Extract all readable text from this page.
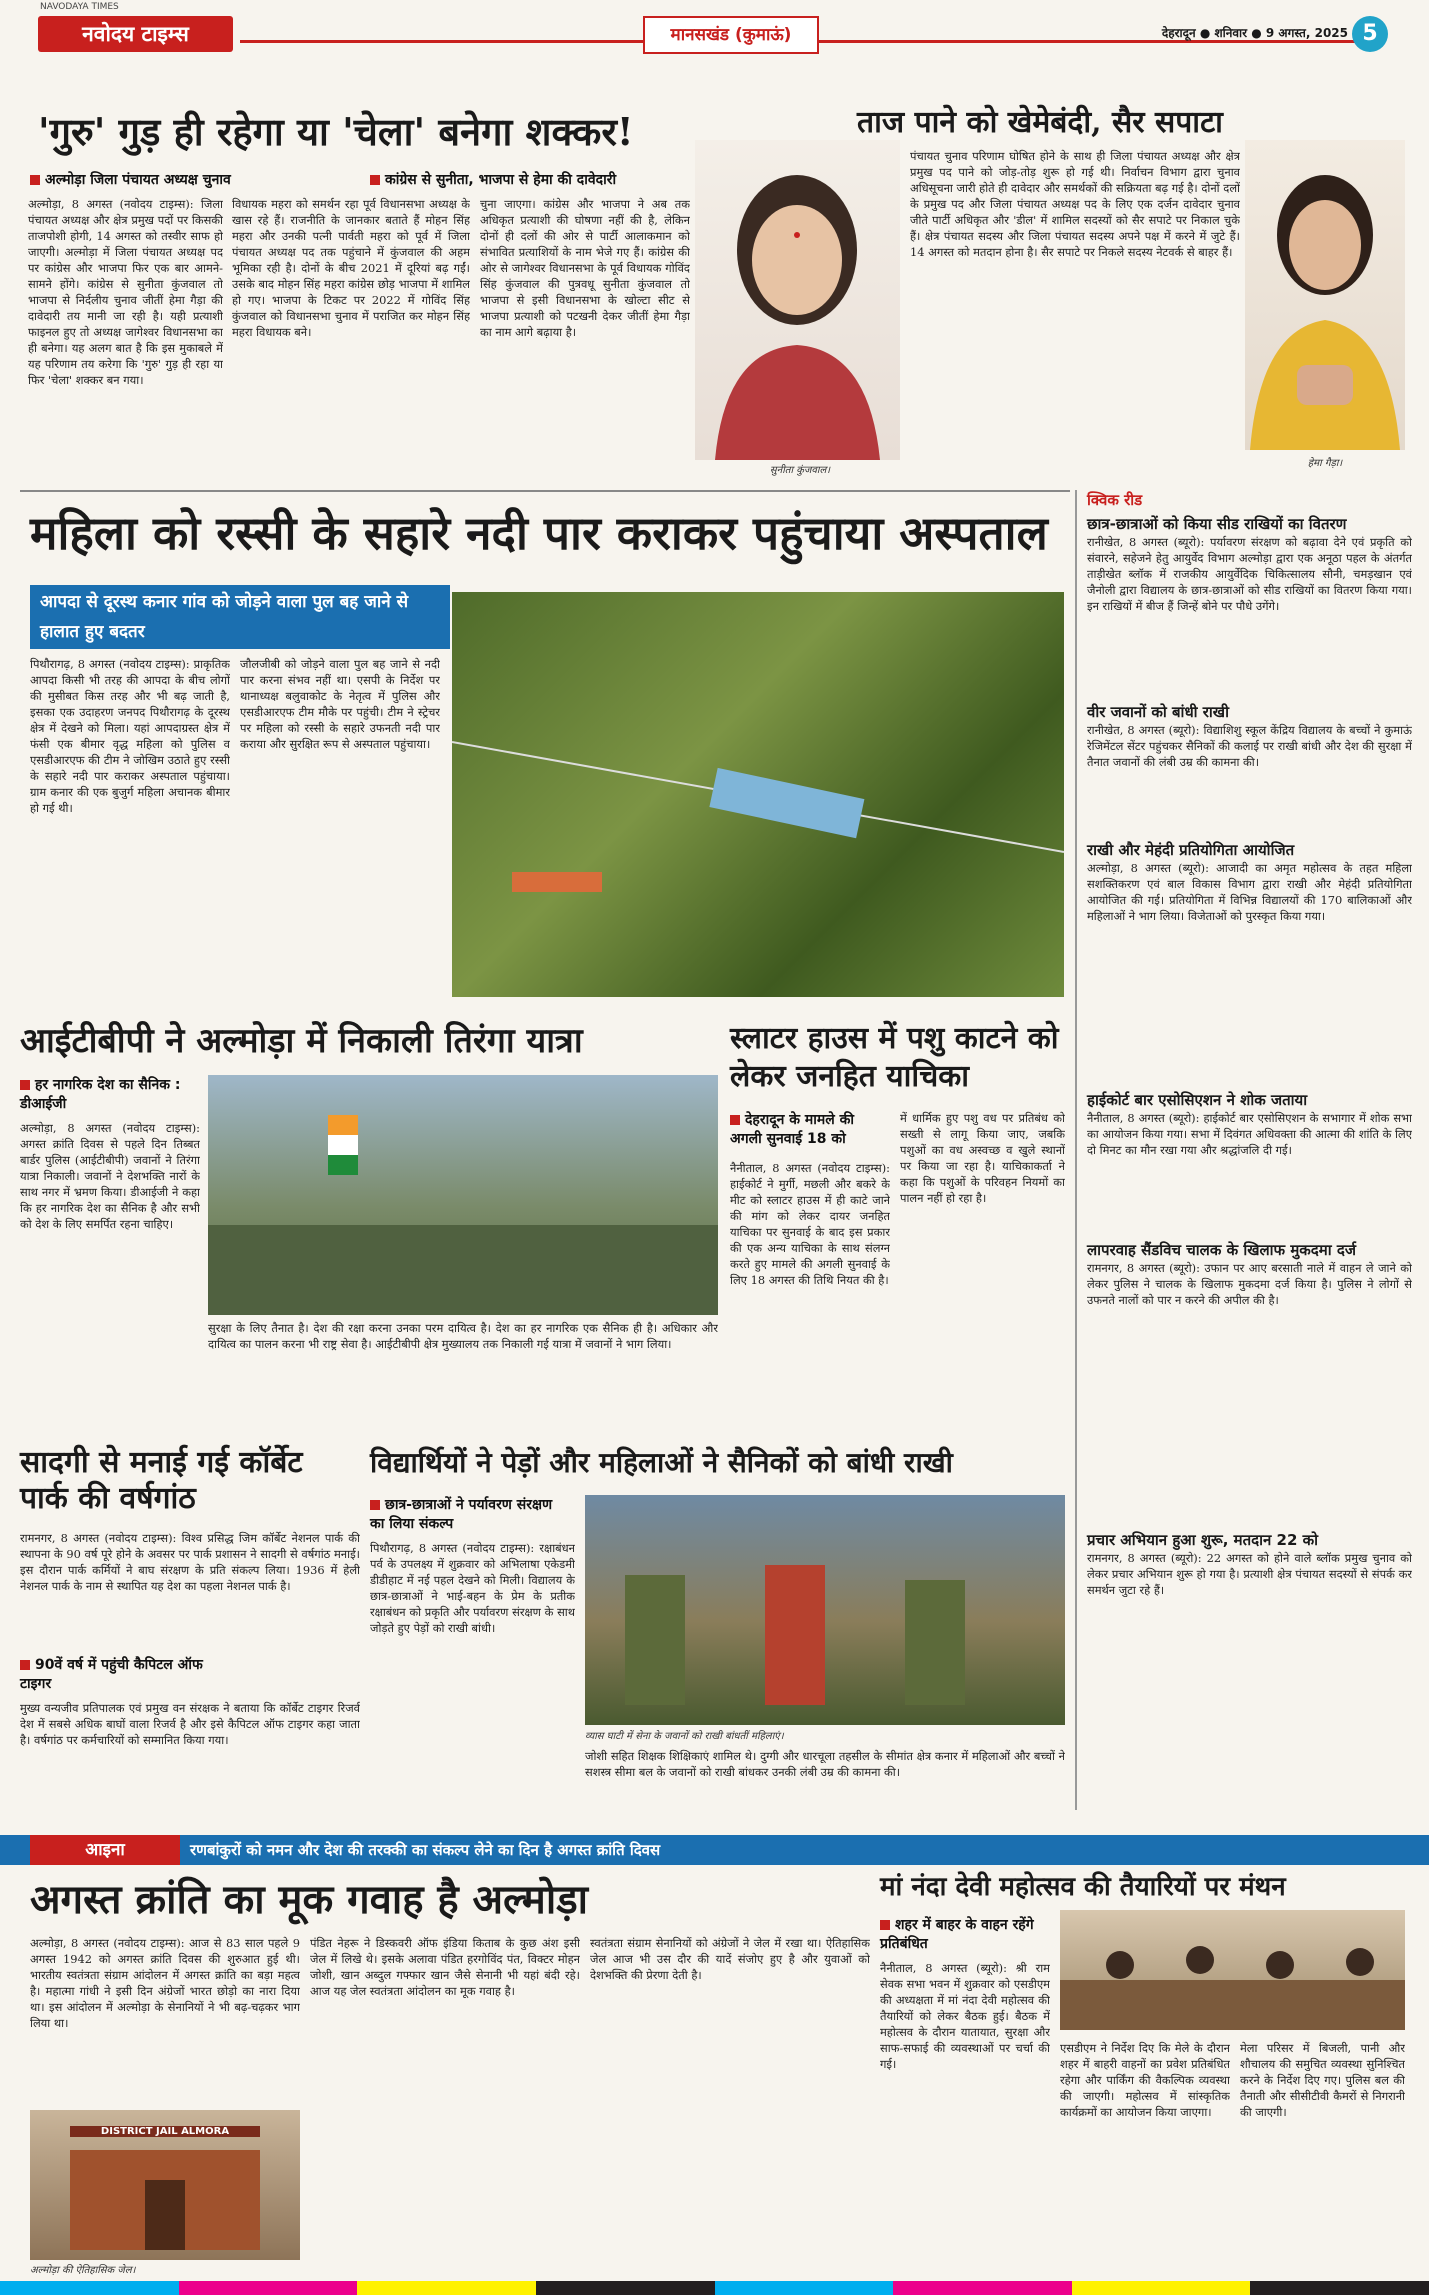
NAVODAYA TIMES
नवोदय टाइम्स	मानसखंड (कुमाऊं)	देहरादून ● शनिवार ● 9 अगस्त, 2025 5
'गुरु' गुड़ ही रहेगा या 'चेला' बनेगा शक्कर!
अल्मोड़ा जिला पंचायत अध्यक्ष चुनाव	कांग्रेस से सुनीता, भाजपा से हेमा की दावेदारी
अल्मोड़ा, 8 अगस्त (नवोदय टाइम्स): जिला पंचायत अध्यक्ष और क्षेत्र प्रमुख पदों पर किसकी ताजपोशी होगी, 14 अगस्त को तस्वीर साफ हो जाएगी। अल्मोड़ा में जिला पंचायत अध्यक्ष पद पर कांग्रेस और भाजपा फिर एक बार आमने-सामने होंगे। कांग्रेस से सुनीता कुंजवाल तो भाजपा से निर्दलीय चुनाव जीतीं हेमा गैड़ा की दावेदारी तय मानी जा रही है। यही प्रत्याशी फाइनल हुए तो अध्यक्ष जागेश्वर विधानसभा का ही बनेगा। यह अलग बात है कि इस मुकाबले में यह परिणाम तय करेगा कि 'गुरु' गुड़ ही रहा या फिर 'चेला' शक्कर बन गया।
विधायक महरा को समर्थन रहा पूर्व विधानसभा अध्यक्ष के खास रहे हैं। राजनीति के जानकार बताते हैं मोहन सिंह महरा और उनकी पत्नी पार्वती महरा को पूर्व में जिला पंचायत अध्यक्ष पद तक पहुंचाने में कुंजवाल की अहम भूमिका रही है। दोनों के बीच 2021 में दूरियां बढ़ गईं। उसके बाद मोहन सिंह महरा कांग्रेस छोड़ भाजपा में शामिल हो गए। भाजपा के टिकट पर 2022 में गोविंद सिंह कुंजवाल को विधानसभा चुनाव में पराजित कर मोहन सिंह महरा विधायक बने।
चुना जाएगा। कांग्रेस और भाजपा ने अब तक अधिकृत प्रत्याशी की घोषणा नहीं की है, लेकिन दोनों ही दलों की ओर से पार्टी आलाकमान को संभावित प्रत्याशियों के नाम भेजे गए हैं। कांग्रेस की ओर से जागेश्वर विधानसभा के पूर्व विधायक गोविंद सिंह कुंजवाल की पुत्रवधू सुनीता कुंजवाल तो भाजपा से इसी विधानसभा के खोल्टा सीट से भाजपा प्रत्याशी को पटखनी देकर जीतीं हेमा गैड़ा का नाम आगे बढ़ाया है।
सुनीता कुंजवाल।
ताज पाने को खेमेबंदी, सैर सपाटा
पंचायत चुनाव परिणाम घोषित होने के साथ ही जिला पंचायत अध्यक्ष और क्षेत्र प्रमुख पद पाने को जोड़-तोड़ शुरू हो गई थी। निर्वाचन विभाग द्वारा चुनाव अधिसूचना जारी होते ही दावेदार और समर्थकों की सक्रियता बढ़ गई है। दोनों दलों के प्रमुख पद और जिला पंचायत अध्यक्ष पद के लिए एक दर्जन दावेदार चुनाव जीते पार्टी अधिकृत और 'डील' में शामिल सदस्यों को सैर सपाटे पर निकाल चुके हैं। क्षेत्र पंचायत सदस्य और जिला पंचायत सदस्य अपने पक्ष में करने में जुटे हैं। 14 अगस्त को मतदान होना है। सैर सपाटे पर निकले सदस्य नेटवर्क से बाहर हैं।
हेमा गैड़ा।
महिला को रस्सी के सहारे नदी पार कराकर पहुंचाया अस्पताल
आपदा से दूरस्थ कनार गांव को जोड़ने वाला पुल बह जाने से हालात हुए बदतर
पिथौरागढ़, 8 अगस्त (नवोदय टाइम्स): प्राकृतिक आपदा किसी भी तरह की आपदा के बीच लोगों की मुसीबत किस तरह और भी बढ़ जाती है, इसका एक उदाहरण जनपद पिथौरागढ़ के दूरस्थ क्षेत्र में देखने को मिला। यहां आपदाग्रस्त क्षेत्र में फंसी एक बीमार वृद्ध महिला को पुलिस व एसडीआरएफ की टीम ने जोखिम उठाते हुए रस्सी के सहारे नदी पार कराकर अस्पताल पहुंचाया। ग्राम कनार की एक बुजुर्ग महिला अचानक बीमार हो गई थी।
जौलजीबी को जोड़ने वाला पुल बह जाने से नदी पार करना संभव नहीं था। एसपी के निर्देश पर थानाध्यक्ष बलुवाकोट के नेतृत्व में पुलिस और एसडीआरएफ टीम मौके पर पहुंची। टीम ने स्ट्रेचर पर महिला को रस्सी के सहारे उफनती नदी पार कराया और सुरक्षित रूप से अस्पताल पहुंचाया।
क्विक रीड
छात्र-छात्राओं को किया सीड राखियों का वितरण
रानीखेत, 8 अगस्त (ब्यूरो): पर्यावरण संरक्षण को बढ़ावा देने एवं प्रकृति को संवारने, सहेजने हेतु आयुर्वेद विभाग अल्मोड़ा द्वारा एक अनूठा पहल के अंतर्गत ताड़ीखेत ब्लॉक में राजकीय आयुर्वेदिक चिकित्सालय सौनी, चमड़खान एवं जैनोली द्वारा विद्यालय के छात्र-छात्राओं को सीड राखियों का वितरण किया गया। इन राखियों में बीज हैं जिन्हें बोने पर पौधे उगेंगे।
वीर जवानों को बांधी राखी
रानीखेत, 8 अगस्त (ब्यूरो): विद्याशिशु स्कूल केंद्रिय विद्यालय के बच्चों ने कुमाऊं रेजिमेंटल सेंटर पहुंचकर सैनिकों की कलाई पर राखी बांधी और देश की सुरक्षा में तैनात जवानों की लंबी उम्र की कामना की।
राखी और मेहंदी प्रतियोगिता आयोजित
अल्मोड़ा, 8 अगस्त (ब्यूरो): आजादी का अमृत महोत्सव के तहत महिला सशक्तिकरण एवं बाल विकास विभाग द्वारा राखी और मेहंदी प्रतियोगिता आयोजित की गई। प्रतियोगिता में विभिन्न विद्यालयों की 170 बालिकाओं और महिलाओं ने भाग लिया। विजेताओं को पुरस्कृत किया गया।
हाईकोर्ट बार एसोसिएशन ने शोक जताया
नैनीताल, 8 अगस्त (ब्यूरो): हाईकोर्ट बार एसोसिएशन के सभागार में शोक सभा का आयोजन किया गया। सभा में दिवंगत अधिवक्ता की आत्मा की शांति के लिए दो मिनट का मौन रखा गया और श्रद्धांजलि दी गई।
लापरवाह सैंडविच चालक के खिलाफ मुकदमा दर्ज
रामनगर, 8 अगस्त (ब्यूरो): उफान पर आए बरसाती नाले में वाहन ले जाने को लेकर पुलिस ने चालक के खिलाफ मुकदमा दर्ज किया है। पुलिस ने लोगों से उफनते नालों को पार न करने की अपील की है।
प्रचार अभियान हुआ शुरू, मतदान 22 को
रामनगर, 8 अगस्त (ब्यूरो): 22 अगस्त को होने वाले ब्लॉक प्रमुख चुनाव को लेकर प्रचार अभियान शुरू हो गया है। प्रत्याशी क्षेत्र पंचायत सदस्यों से संपर्क कर समर्थन जुटा रहे हैं।
आईटीबीपी ने अल्मोड़ा में निकाली तिरंगा यात्रा
हर नागरिक देश का सैनिक : डीआईजी
अल्मोड़ा, 8 अगस्त (नवोदय टाइम्स): अगस्त क्रांति दिवस से पहले दिन तिब्बत बार्डर पुलिस (आईटीबीपी) जवानों ने तिरंगा यात्रा निकाली। जवानों ने देशभक्ति नारों के साथ नगर में भ्रमण किया। डीआईजी ने कहा कि हर नागरिक देश का सैनिक है और सभी को देश के लिए समर्पित रहना चाहिए।
सुरक्षा के लिए तैनात है। देश की रक्षा करना उनका परम दायित्व है। देश का हर नागरिक एक सैनिक ही है। अधिकार और दायित्व का पालन करना भी राष्ट्र सेवा है। आईटीबीपी क्षेत्र मुख्यालय तक निकाली गई यात्रा में जवानों ने भाग लिया।
स्लाटर हाउस में पशु काटने को लेकर जनहित याचिका
देहरादून के मामले की अगली सुनवाई 18 को
नैनीताल, 8 अगस्त (नवोदय टाइम्स): हाईकोर्ट ने मुर्गी, मछली और बकरे के मीट को स्लाटर हाउस में ही काटे जाने की मांग को लेकर दायर जनहित याचिका पर सुनवाई के बाद इस प्रकार की एक अन्य याचिका के साथ संलग्न करते हुए मामले की अगली सुनवाई के लिए 18 अगस्त की तिथि नियत की है।
में धार्मिक हुए पशु वध पर प्रतिबंध को सख्ती से लागू किया जाए, जबकि पशुओं का वध अस्वच्छ व खुले स्थानों पर किया जा रहा है। याचिकाकर्ता ने कहा कि पशुओं के परिवहन नियमों का पालन नहीं हो रहा है।
सादगी से मनाई गई कॉर्बेट पार्क की वर्षगांठ
रामनगर, 8 अगस्त (नवोदय टाइम्स): विश्व प्रसिद्ध जिम कॉर्बेट नेशनल पार्क की स्थापना के 90 वर्ष पूरे होने के अवसर पर पार्क प्रशासन ने सादगी से वर्षगांठ मनाई। इस दौरान पार्क कर्मियों ने बाघ संरक्षण के प्रति संकल्प लिया। 1936 में हेली नेशनल पार्क के नाम से स्थापित यह देश का पहला नेशनल पार्क है।
90वें वर्ष में पहुंची कैपिटल ऑफ टाइगर
मुख्य वन्यजीव प्रतिपालक एवं प्रमुख वन संरक्षक ने बताया कि कॉर्बेट टाइगर रिजर्व देश में सबसे अधिक बाघों वाला रिजर्व है और इसे कैपिटल ऑफ टाइगर कहा जाता है। वर्षगांठ पर कर्मचारियों को सम्मानित किया गया।
विद्यार्थियों ने पेड़ों और महिलाओं ने सैनिकों को बांधी राखी
छात्र-छात्राओं ने पर्यावरण संरक्षण का लिया संकल्प
पिथौरागढ़, 8 अगस्त (नवोदय टाइम्स): रक्षाबंधन पर्व के उपलक्ष्य में शुक्रवार को अभिलाषा एकेडमी डीडीहाट में नई पहल देखने को मिली। विद्यालय के छात्र-छात्राओं ने भाई-बहन के प्रेम के प्रतीक रक्षाबंधन को प्रकृति और पर्यावरण संरक्षण के साथ जोड़ते हुए पेड़ों को राखी बांधी।
व्यास घाटी में सेना के जवानों को राखी बांधतीं महिलाएं।
जोशी सहित शिक्षक शिक्षिकाएं शामिल थे। दुग्गी और धारचूला तहसील के सीमांत क्षेत्र कनार में महिलाओं और बच्चों ने सशस्त्र सीमा बल के जवानों को राखी बांधकर उनकी लंबी उम्र की कामना की।
आइना	रणबांकुरों को नमन और देश की तरक्की का संकल्प लेने का दिन है अगस्त क्रांति दिवस
अगस्त क्रांति का मूक गवाह है अल्मोड़ा
अल्मोड़ा, 8 अगस्त (नवोदय टाइम्स): आज से 83 साल पहले 9 अगस्त 1942 को अगस्त क्रांति दिवस की शुरुआत हुई थी। भारतीय स्वतंत्रता संग्राम आंदोलन में अगस्त क्रांति का बड़ा महत्व है। महात्मा गांधी ने इसी दिन अंग्रेजों भारत छोड़ो का नारा दिया था। इस आंदोलन में अल्मोड़ा के सेनानियों ने भी बढ़-चढ़कर भाग लिया था।
DISTRICT JAIL ALMORA
अल्मोड़ा की ऐतिहासिक जेल।
पंडित नेहरू ने डिस्कवरी ऑफ इंडिया किताब के कुछ अंश इसी जेल में लिखे थे। इसके अलावा पंडित हरगोविंद पंत, विक्टर मोहन जोशी, खान अब्दुल गफ्फार खान जैसे सेनानी भी यहां बंदी रहे। आज यह जेल स्वतंत्रता आंदोलन का मूक गवाह है।
स्वतंत्रता संग्राम सेनानियों को अंग्रेजों ने जेल में रखा था। ऐतिहासिक जेल आज भी उस दौर की यादें संजोए हुए है और युवाओं को देशभक्ति की प्रेरणा देती है।
मां नंदा देवी महोत्सव की तैयारियों पर मंथन
शहर में बाहर के वाहन रहेंगे प्रतिबंधित
नैनीताल, 8 अगस्त (ब्यूरो): श्री राम सेवक सभा भवन में शुक्रवार को एसडीएम की अध्यक्षता में मां नंदा देवी महोत्सव की तैयारियों को लेकर बैठक हुई। बैठक में महोत्सव के दौरान यातायात, सुरक्षा और साफ-सफाई की व्यवस्थाओं पर चर्चा की गई।
एसडीएम ने निर्देश दिए कि मेले के दौरान शहर में बाहरी वाहनों का प्रवेश प्रतिबंधित रहेगा और पार्किंग की वैकल्पिक व्यवस्था की जाएगी। महोत्सव में सांस्कृतिक कार्यक्रमों का आयोजन किया जाएगा।
मेला परिसर में बिजली, पानी और शौचालय की समुचित व्यवस्था सुनिश्चित करने के निर्देश दिए गए। पुलिस बल की तैनाती और सीसीटीवी कैमरों से निगरानी की जाएगी।
